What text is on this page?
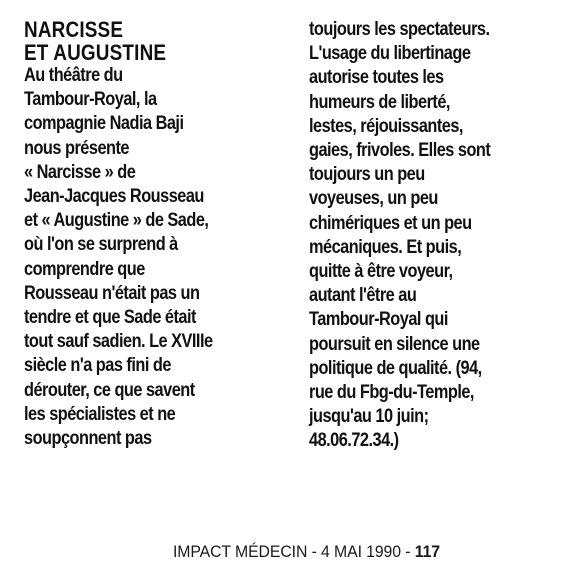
NARCISSE
ET AUGUSTINE
Au théâtre du
Tambour-Royal, la
compagnie Nadia Baji
nous présente
« Narcisse » de
Jean-Jacques Rousseau
et « Augustine » de Sade,
où l'on se surprend à
comprendre que
Rousseau n'était pas un
tendre et que Sade était
tout sauf sadien. Le XVIIIe
siècle n'a pas fini de
dérouter, ce que savent
les spécialistes et ne
soupçonnent pas
toujours les spectateurs.
L'usage du libertinage
autorise toutes les
humeurs de liberté,
lestes, réjouissantes,
gaies, frivoles. Elles sont
toujours un peu
voyeuses, un peu
chimériques et un peu
mécaniques. Et puis,
quitte à être voyeur,
autant l'être au
Tambour-Royal qui
poursuit en silence une
politique de qualité. (94,
rue du Fbg-du-Temple,
jusqu'au 10 juin;
48.06.72.34.)
IMPACT MÉDECIN - 4 MAI 1990 - 117
